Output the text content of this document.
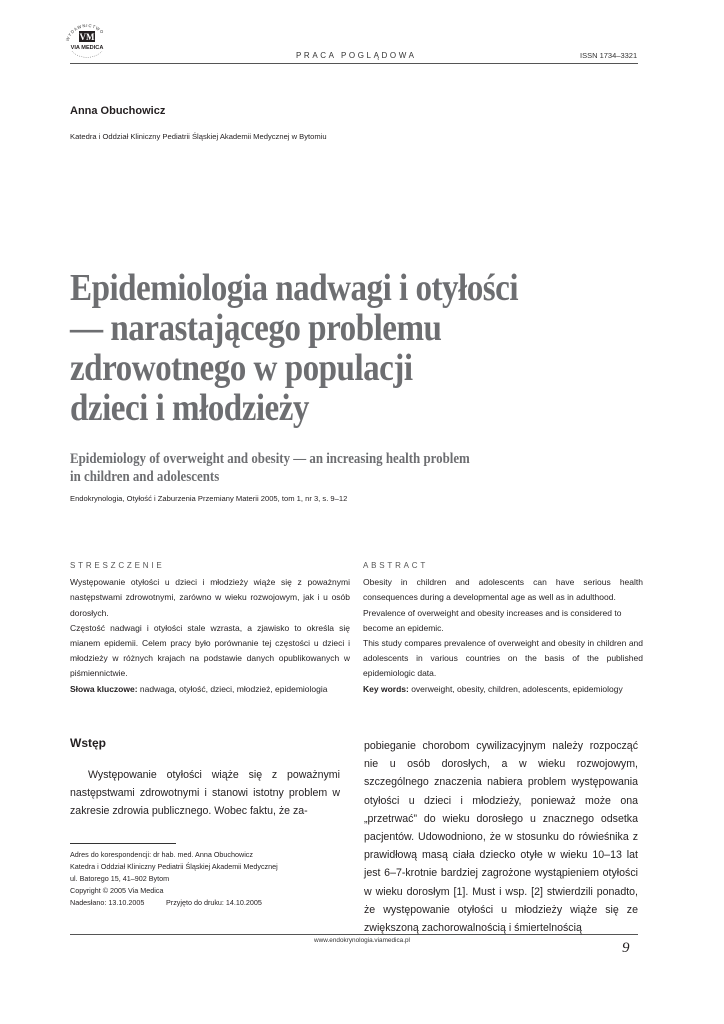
WYDAWNICTWO
VM
VIA MEDICA
PRACA POGLĄDOWA	ISSN 1734–3321
Anna Obuchowicz
Katedra i Oddział Kliniczny Pediatrii Śląskiej Akademii Medycznej w Bytomiu
Epidemiologia nadwagi i otyłości
— narastającego problemu
zdrowotnego w populacji
dzieci i młodzieży
Epidemiology of overweight and obesity — an increasing health problem
in children and adolescents
Endokrynologia, Otyłość i Zaburzenia Przemiany Materii 2005, tom 1, nr 3, s. 9–12
STRESZCZENIE

Występowanie otyłości u dzieci i młodzieży wiąże się z poważnymi następstwami zdrowotnymi, zarówno w wieku rozwojowym, jak i u osób dorosłych.

Częstość nadwagi i otyłości stale wzrasta, a zjawisko to określa się mianem epidemii. Celem pracy było porównanie tej częstości u dzieci i młodzieży w różnych krajach na podstawie danych opublikowanych w piśmiennictwie.

Słowa kluczowe: nadwaga, otyłość, dzieci, młodzież, epidemiologia

ABSTRACT

Obesity in children and adolescents can have serious health consequences during a developmental age as well as in adulthood.

Prevalence of overweight and obesity increases and is considered to become an epidemic.

This study compares prevalence of overweight and obesity in children and adolescents in various countries on the basis of the published epidemiologic data.

Key words: overweight, obesity, children, adolescents, epidemiology

Wstęp

Występowanie otyłości wiąże się z poważnymi następstwami zdrowotnymi i stanowi istotny problem w zakresie zdrowia publicznego. Wobec faktu, że za-

pobieganie chorobom cywilizacyjnym należy rozpocząć nie u osób dorosłych, a w wieku rozwojowym, szczególnego znaczenia nabiera problem występowania otyłości u dzieci i młodzieży, ponieważ może ona „przetrwać” do wieku dorosłego u znacznego odsetka pacjentów. Udowodniono, że w stosunku do rówieśnika z prawidłową masą ciała dziecko otyłe w wieku 10–13 lat jest 6–7-krotnie bardziej zagrożone wystąpieniem otyłości w wieku dorosłym [1]. Must i wsp. [2] stwierdzili ponadto, że występowanie otyłości u młodzieży wiąże się ze zwiększoną zachorowalnością i śmiertelnością

Adres do korespondencji: dr hab. med. Anna Obuchowicz
Katedra i Oddział Kliniczny Pediatrii Śląskiej Akademii Medycznej
ul. Batorego 15, 41–902 Bytom
Copyright © 2005 Via Medica
Nadesłano: 13.10.2005	Przyjęto do druku: 14.10.2005
www.endokrynologia.viamedica.pl	9
